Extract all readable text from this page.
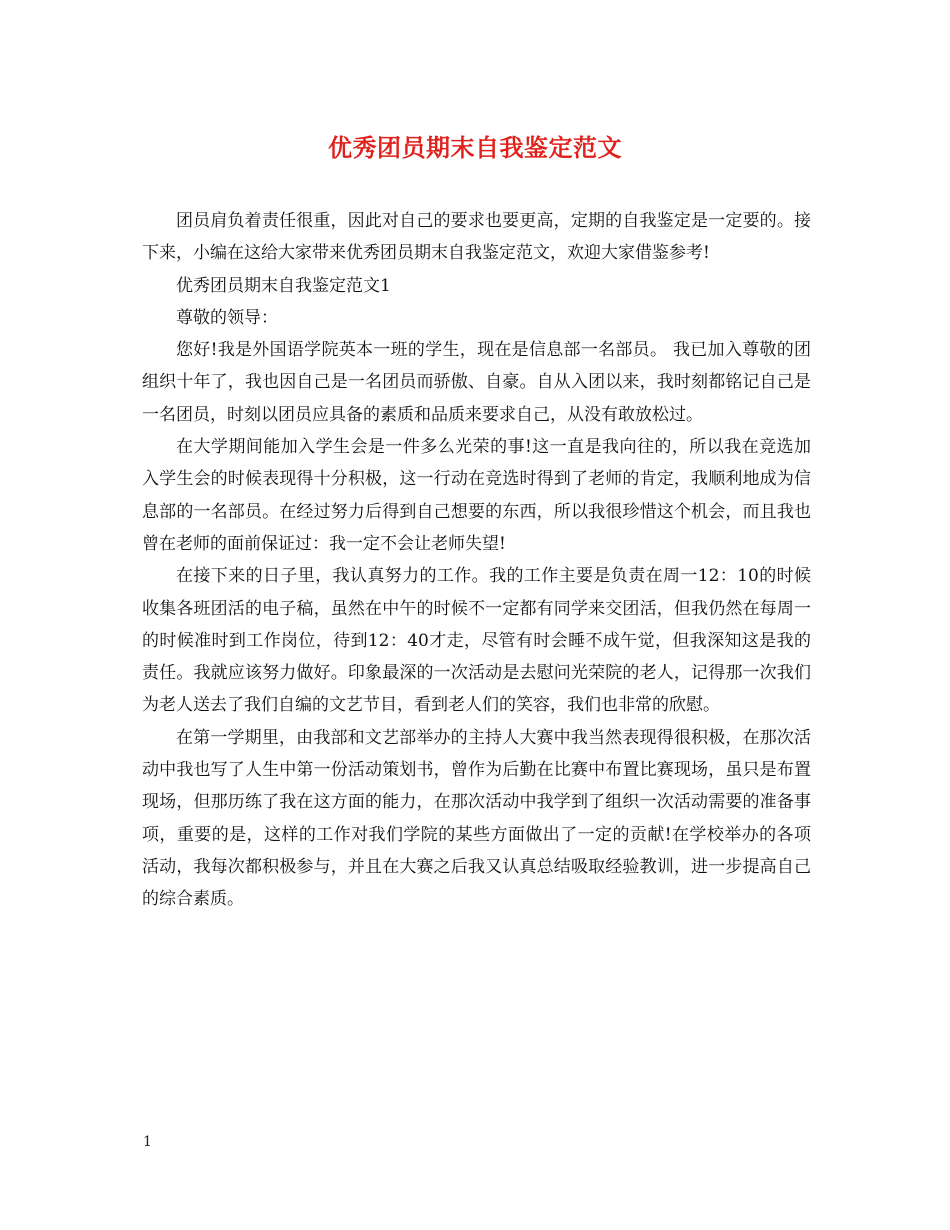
优秀团员期末自我鉴定范文

团员肩负着责任很重，因此对自己的要求也要更高，定期的自我鉴定是一定要的。接下来，小编在这给大家带来优秀团员期末自我鉴定范文，欢迎大家借鉴参考!

优秀团员期末自我鉴定范文1

尊敬的领导：

您好!我是外国语学院英本一班的学生，现在是信息部一名部员。 我已加入尊敬的团组织十年了，我也因自己是一名团员而骄傲、自豪。自从入团以来，我时刻都铭记自己是一名团员，时刻以团员应具备的素质和品质来要求自己，从没有敢放松过。

在大学期间能加入学生会是一件多么光荣的事!这一直是我向往的，所以我在竞选加入学生会的时候表现得十分积极，这一行动在竞选时得到了老师的肯定，我顺利地成为信息部的一名部员。在经过努力后得到自己想要的东西，所以我很珍惜这个机会，而且我也曾在老师的面前保证过：我一定不会让老师失望!

在接下来的日子里，我认真努力的工作。我的工作主要是负责在周一12：10的时候收集各班团活的电子稿，虽然在中午的时候不一定都有同学来交团活，但我仍然在每周一的时候准时到工作岗位，待到12：40才走，尽管有时会睡不成午觉，但我深知这是我的责任。我就应该努力做好。印象最深的一次活动是去慰问光荣院的老人，记得那一次我们为老人送去了我们自编的文艺节目，看到老人们的笑容，我们也非常的欣慰。

在第一学期里，由我部和文艺部举办的主持人大赛中我当然表现得很积极，在那次活动中我也写了人生中第一份活动策划书，曾作为后勤在比赛中布置比赛现场，虽只是布置现场，但那历练了我在这方面的能力，在那次活动中我学到了组织一次活动需要的准备事项，重要的是，这样的工作对我们学院的某些方面做出了一定的贡献!在学校举办的各项活动，我每次都积极参与，并且在大赛之后我又认真总结吸取经验教训，进一步提高自己的综合素质。

1
